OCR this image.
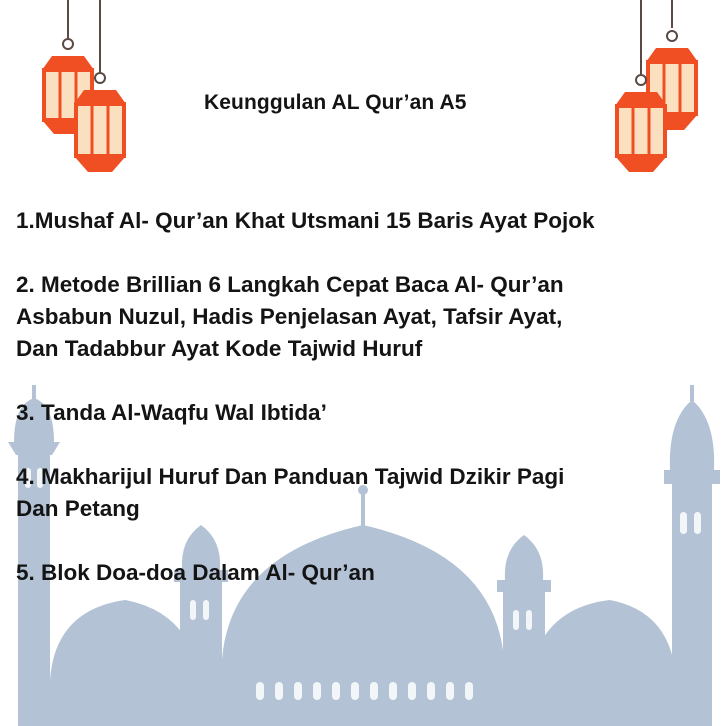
Keunggulan AL Qur’an A5
1.Mushaf Al- Qur’an Khat Utsmani 15 Baris Ayat Pojok
2. Metode Brillian 6 Langkah Cepat Baca Al- Qur’an
Asbabun Nuzul, Hadis Penjelasan Ayat, Tafsir Ayat,
Dan Tadabbur Ayat Kode Tajwid Huruf
3. Tanda Al-Waqfu Wal Ibtida’
4. Makharijul Huruf Dan Panduan Tajwid Dzikir Pagi
Dan Petang
5. Blok Doa-doa Dalam Al- Qur’an
